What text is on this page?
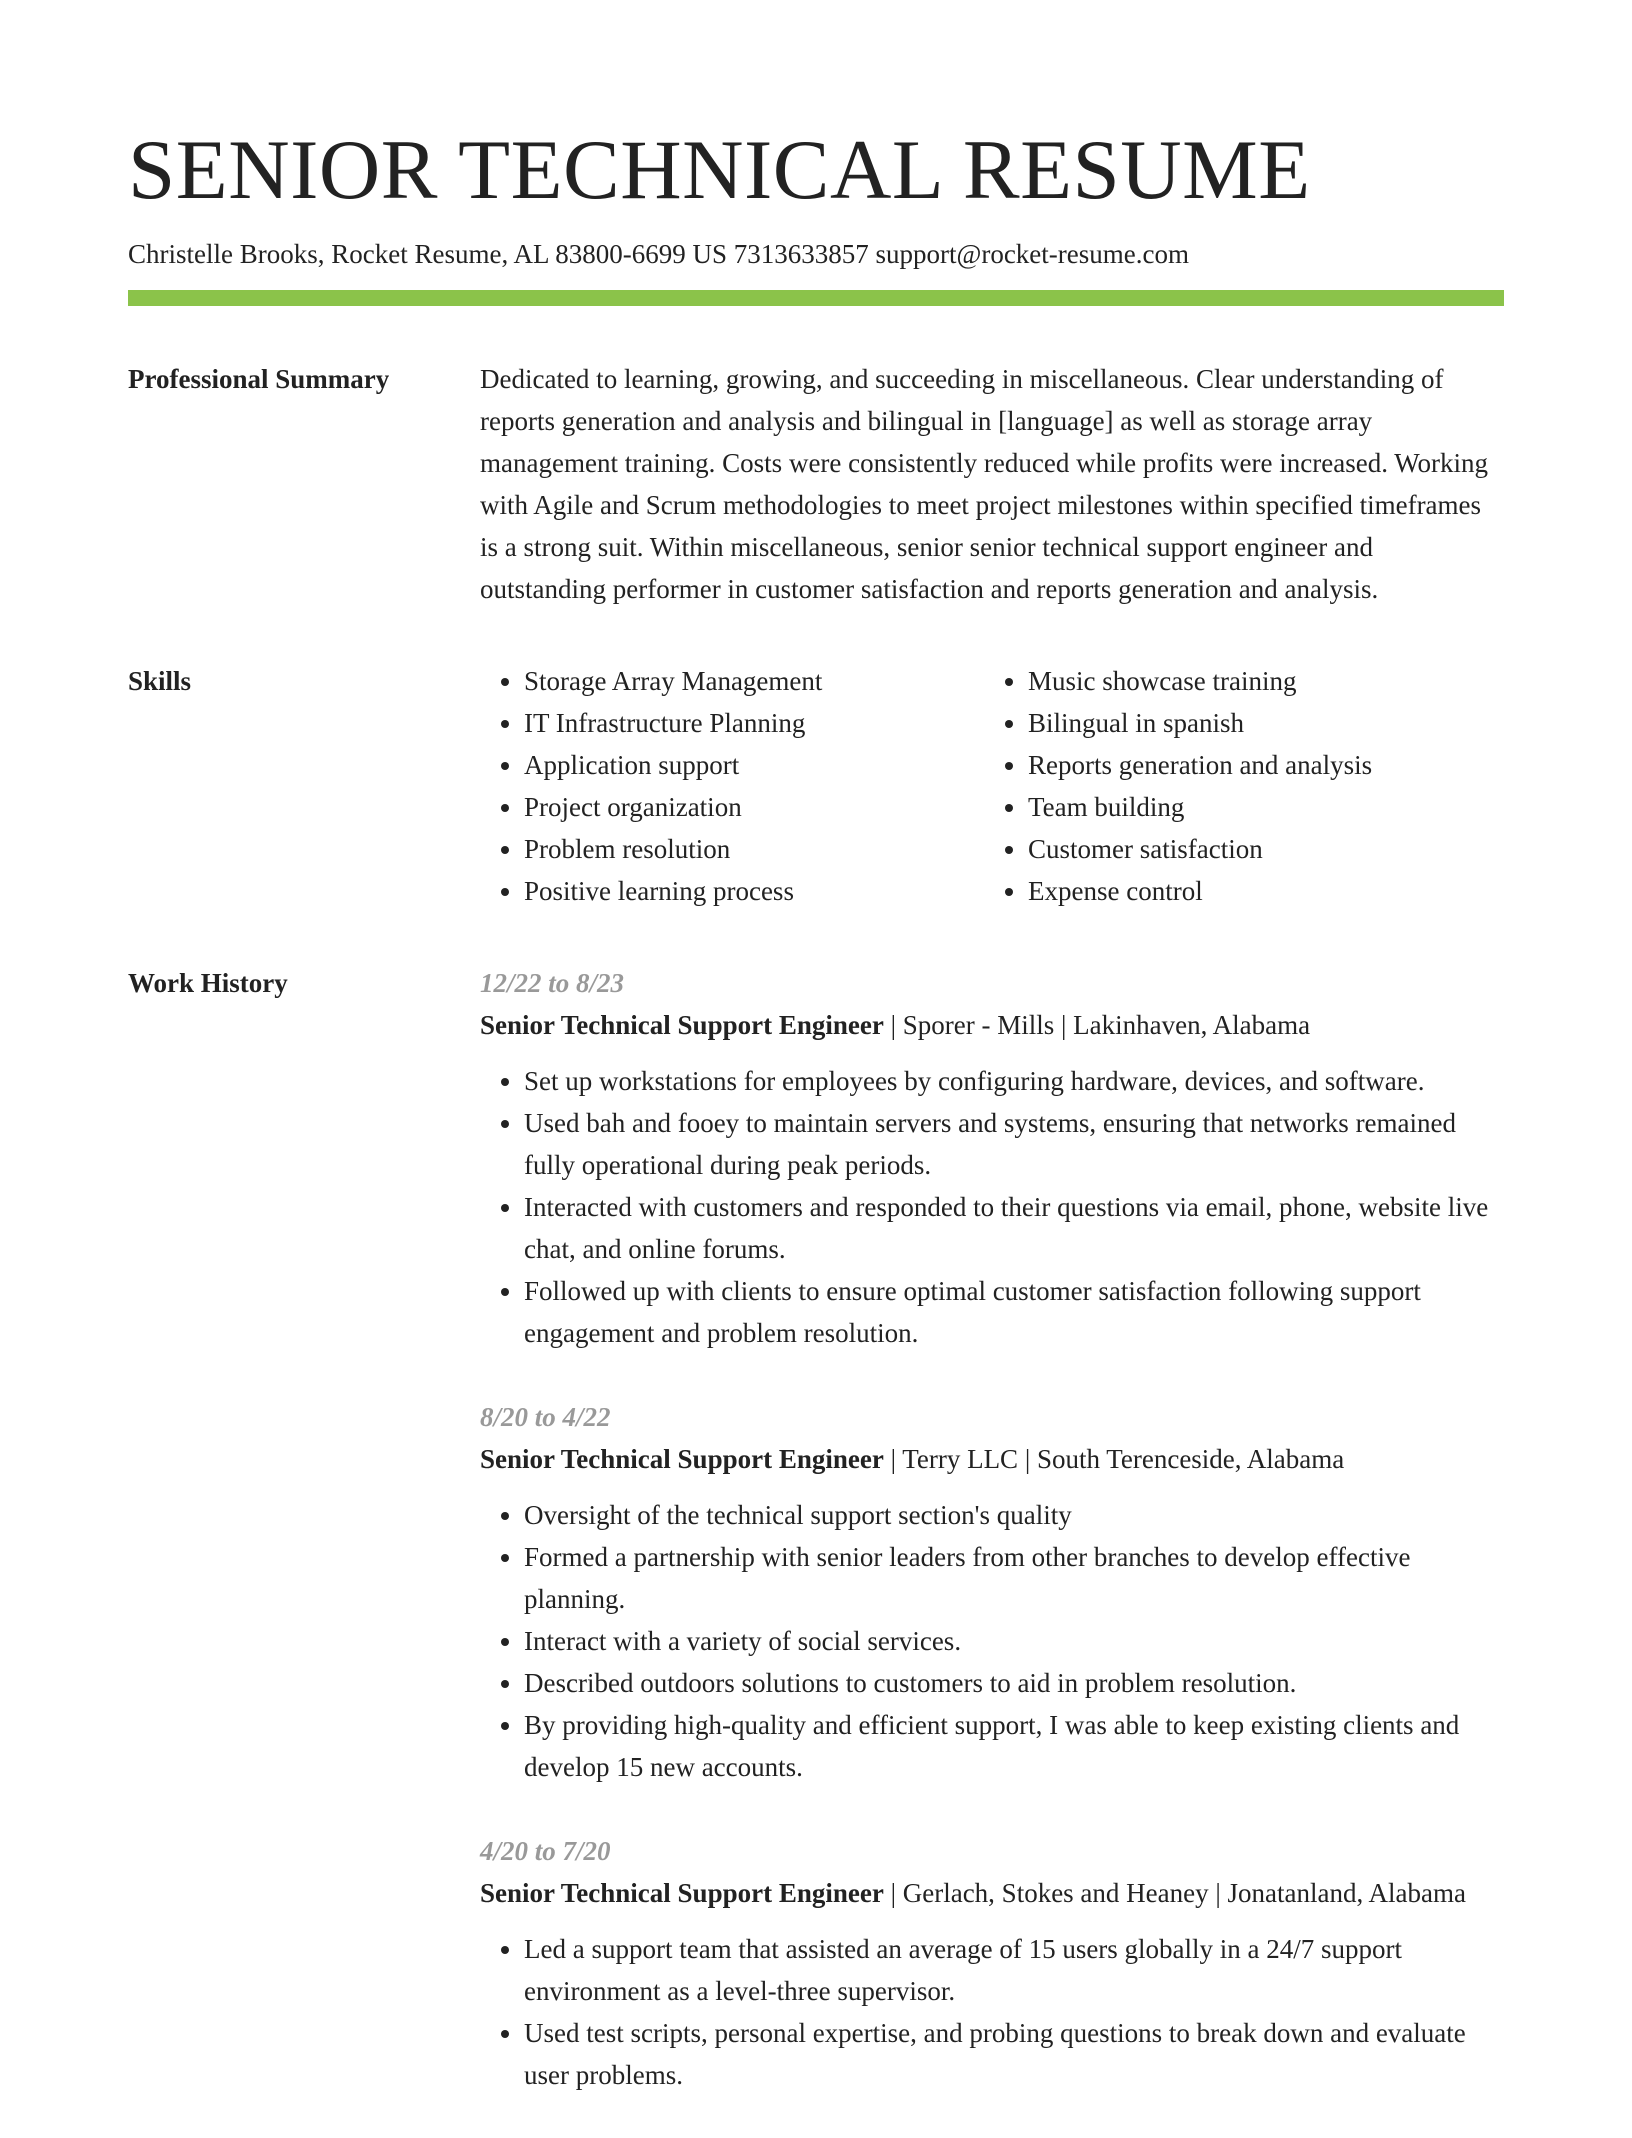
SENIOR TECHNICAL RESUME
Christelle Brooks, Rocket Resume, AL 83800-6699 US 7313633857 support@rocket-resume.com
Professional Summary	Dedicated to learning, growing, and succeeding in miscellaneous. Clear understanding of reports generation and analysis and bilingual in [language] as well as storage array management training. Costs were consistently reduced while profits were increased. Working with Agile and Scrum methodologies to meet project milestones within specified timeframes is a strong suit. Within miscellaneous, senior senior technical support engineer and outstanding performer in customer satisfaction and reports generation and analysis.
Skills
•	Storage Array Management
• IT Infrastructure Planning
• Application support
• Project organization
• Problem resolution
• Positive learning process
• Music showcase training
• Bilingual in spanish
• Reports generation and analysis
• Team building
• Customer satisfaction
• Expense control
Work History	12/22 to 8/23
Senior Technical Support Engineer | Sporer - Mills | Lakinhaven, Alabama
• Set up workstations for employees by configuring hardware, devices, and software.
• Used bah and fooey to maintain servers and systems, ensuring that networks remained fully operational during peak periods.
• Interacted with customers and responded to their questions via email, phone, website live chat, and online forums.
• Followed up with clients to ensure optimal customer satisfaction following support engagement and problem resolution.
8/20 to 4/22
Senior Technical Support Engineer | Terry LLC | South Terenceside, Alabama
• Oversight of the technical support section's quality
• Formed a partnership with senior leaders from other branches to develop effective planning.
• Interact with a variety of social services.
• Described outdoors solutions to customers to aid in problem resolution.
• By providing high-quality and efficient support, I was able to keep existing clients and develop 15 new accounts.
4/20 to 7/20
Senior Technical Support Engineer | Gerlach, Stokes and Heaney | Jonatanland, Alabama
• Led a support team that assisted an average of 15 users globally in a 24/7 support environment as a level-three supervisor.
• Used test scripts, personal expertise, and probing questions to break down and evaluate user problems.
